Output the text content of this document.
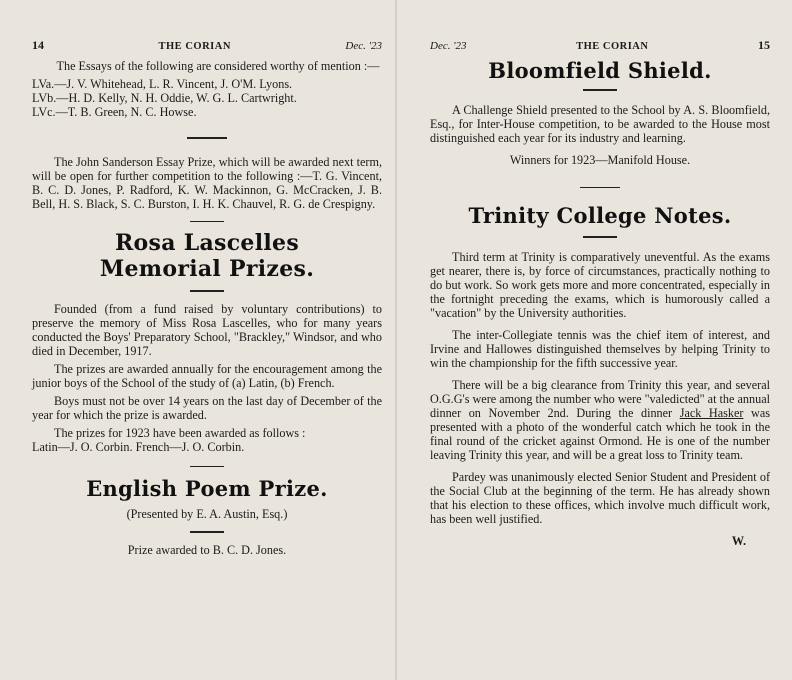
14	THE CORIAN	Dec. '23

The Essays of the following are considered worthy of mention :—

LVa.—J. V. Whitehead, L. R. Vincent, J. O'M. Lyons.

LVb.—H. D. Kelly, N. H. Oddie, W. G. L. Cartwright.

LVc.—T. B. Green, N. C. Howse.

The John Sanderson Essay Prize, which will be awarded next term, will be open for further competition to the following :—T. G. Vincent, B. C. D. Jones, P. Radford, K. W. Mackinnon, G. McCracken, J. B. Bell, H. S. Black, S. C. Burston, I. H. K. Chauvel, R. G. de Crespigny.

Rosa Lascelles
Memorial Prizes.

Founded (from a fund raised by voluntary contributions) to preserve the memory of Miss Rosa Lascelles, who for many years conducted the Boys' Preparatory School, "Brackley," Windsor, and who died in December, 1917.

The prizes are awarded annually for the encouragement among the junior boys of the School of the study of (a) Latin, (b) French.

Boys must not be over 14 years on the last day of December of the year for which the prize is awarded.

The prizes for 1923 have been awarded as follows :

Latin—J. O. Corbin. French—J. O. Corbin.

English Poem Prize.

(Presented by E. A. Austin, Esq.)

Prize awarded to B. C. D. Jones.

Dec. '23	THE CORIAN	15
Bloomfield Shield.

A Challenge Shield presented to the School by A. S. Bloomfield, Esq., for Inter-House competition, to be awarded to the House most distinguished each year for its industry and learning.

Winners for 1923—Manifold House.

Trinity College Notes.

Third term at Trinity is comparatively uneventful. As the exams get nearer, there is, by force of circumstances, practically nothing to do but work. So work gets more and more concentrated, especially in the fortnight preceding the exams, which is humorously called a "vacation" by the University authorities.

The inter-Collegiate tennis was the chief item of interest, and Irvine and Hallowes distinguished themselves by helping Trinity to win the championship for the fifth successive year.

There will be a big clearance from Trinity this year, and several O.G.G's were among the number who were "valedicted" at the annual dinner on November 2nd. During the dinner Jack Hasker was presented with a photo of the wonderful catch which he took in the final round of the cricket against Ormond. He is one of the number leaving Trinity this year, and will be a great loss to Trinity team.

Pardey was unanimously elected Senior Student and President of the Social Club at the beginning of the term. He has already shown that his election to these offices, which involve much difficult work, has been well justified.

W.
